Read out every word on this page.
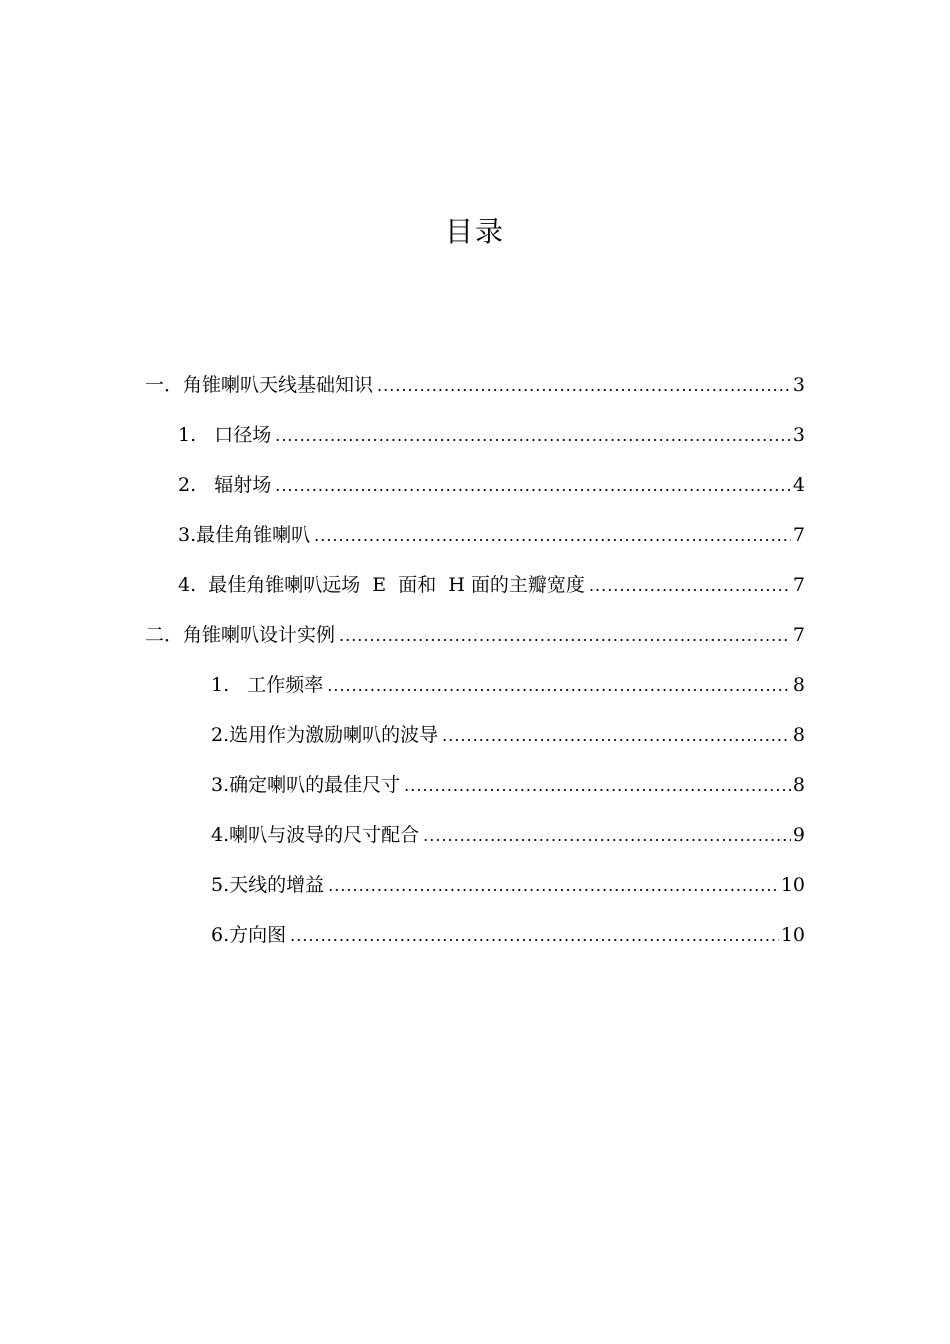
目录
一．角锥喇叭天线基础知识 .....	3
1.   口径场 .....	3
2.   辐射场 .....	4
3.最佳角锥喇叭 .....	7
4.  最佳角锥喇叭远场  E  面和  H 面的主瓣宽度 .....	7
二．角锥喇叭设计实例 .....	7
1.   工作频率 .....	8
2.选用作为激励喇叭的波导 .....	8
3.确定喇叭的最佳尺寸 .....	8
4.喇叭与波导的尺寸配合 .....	9
5.天线的增益 .....	10
6.方向图 .....	10
